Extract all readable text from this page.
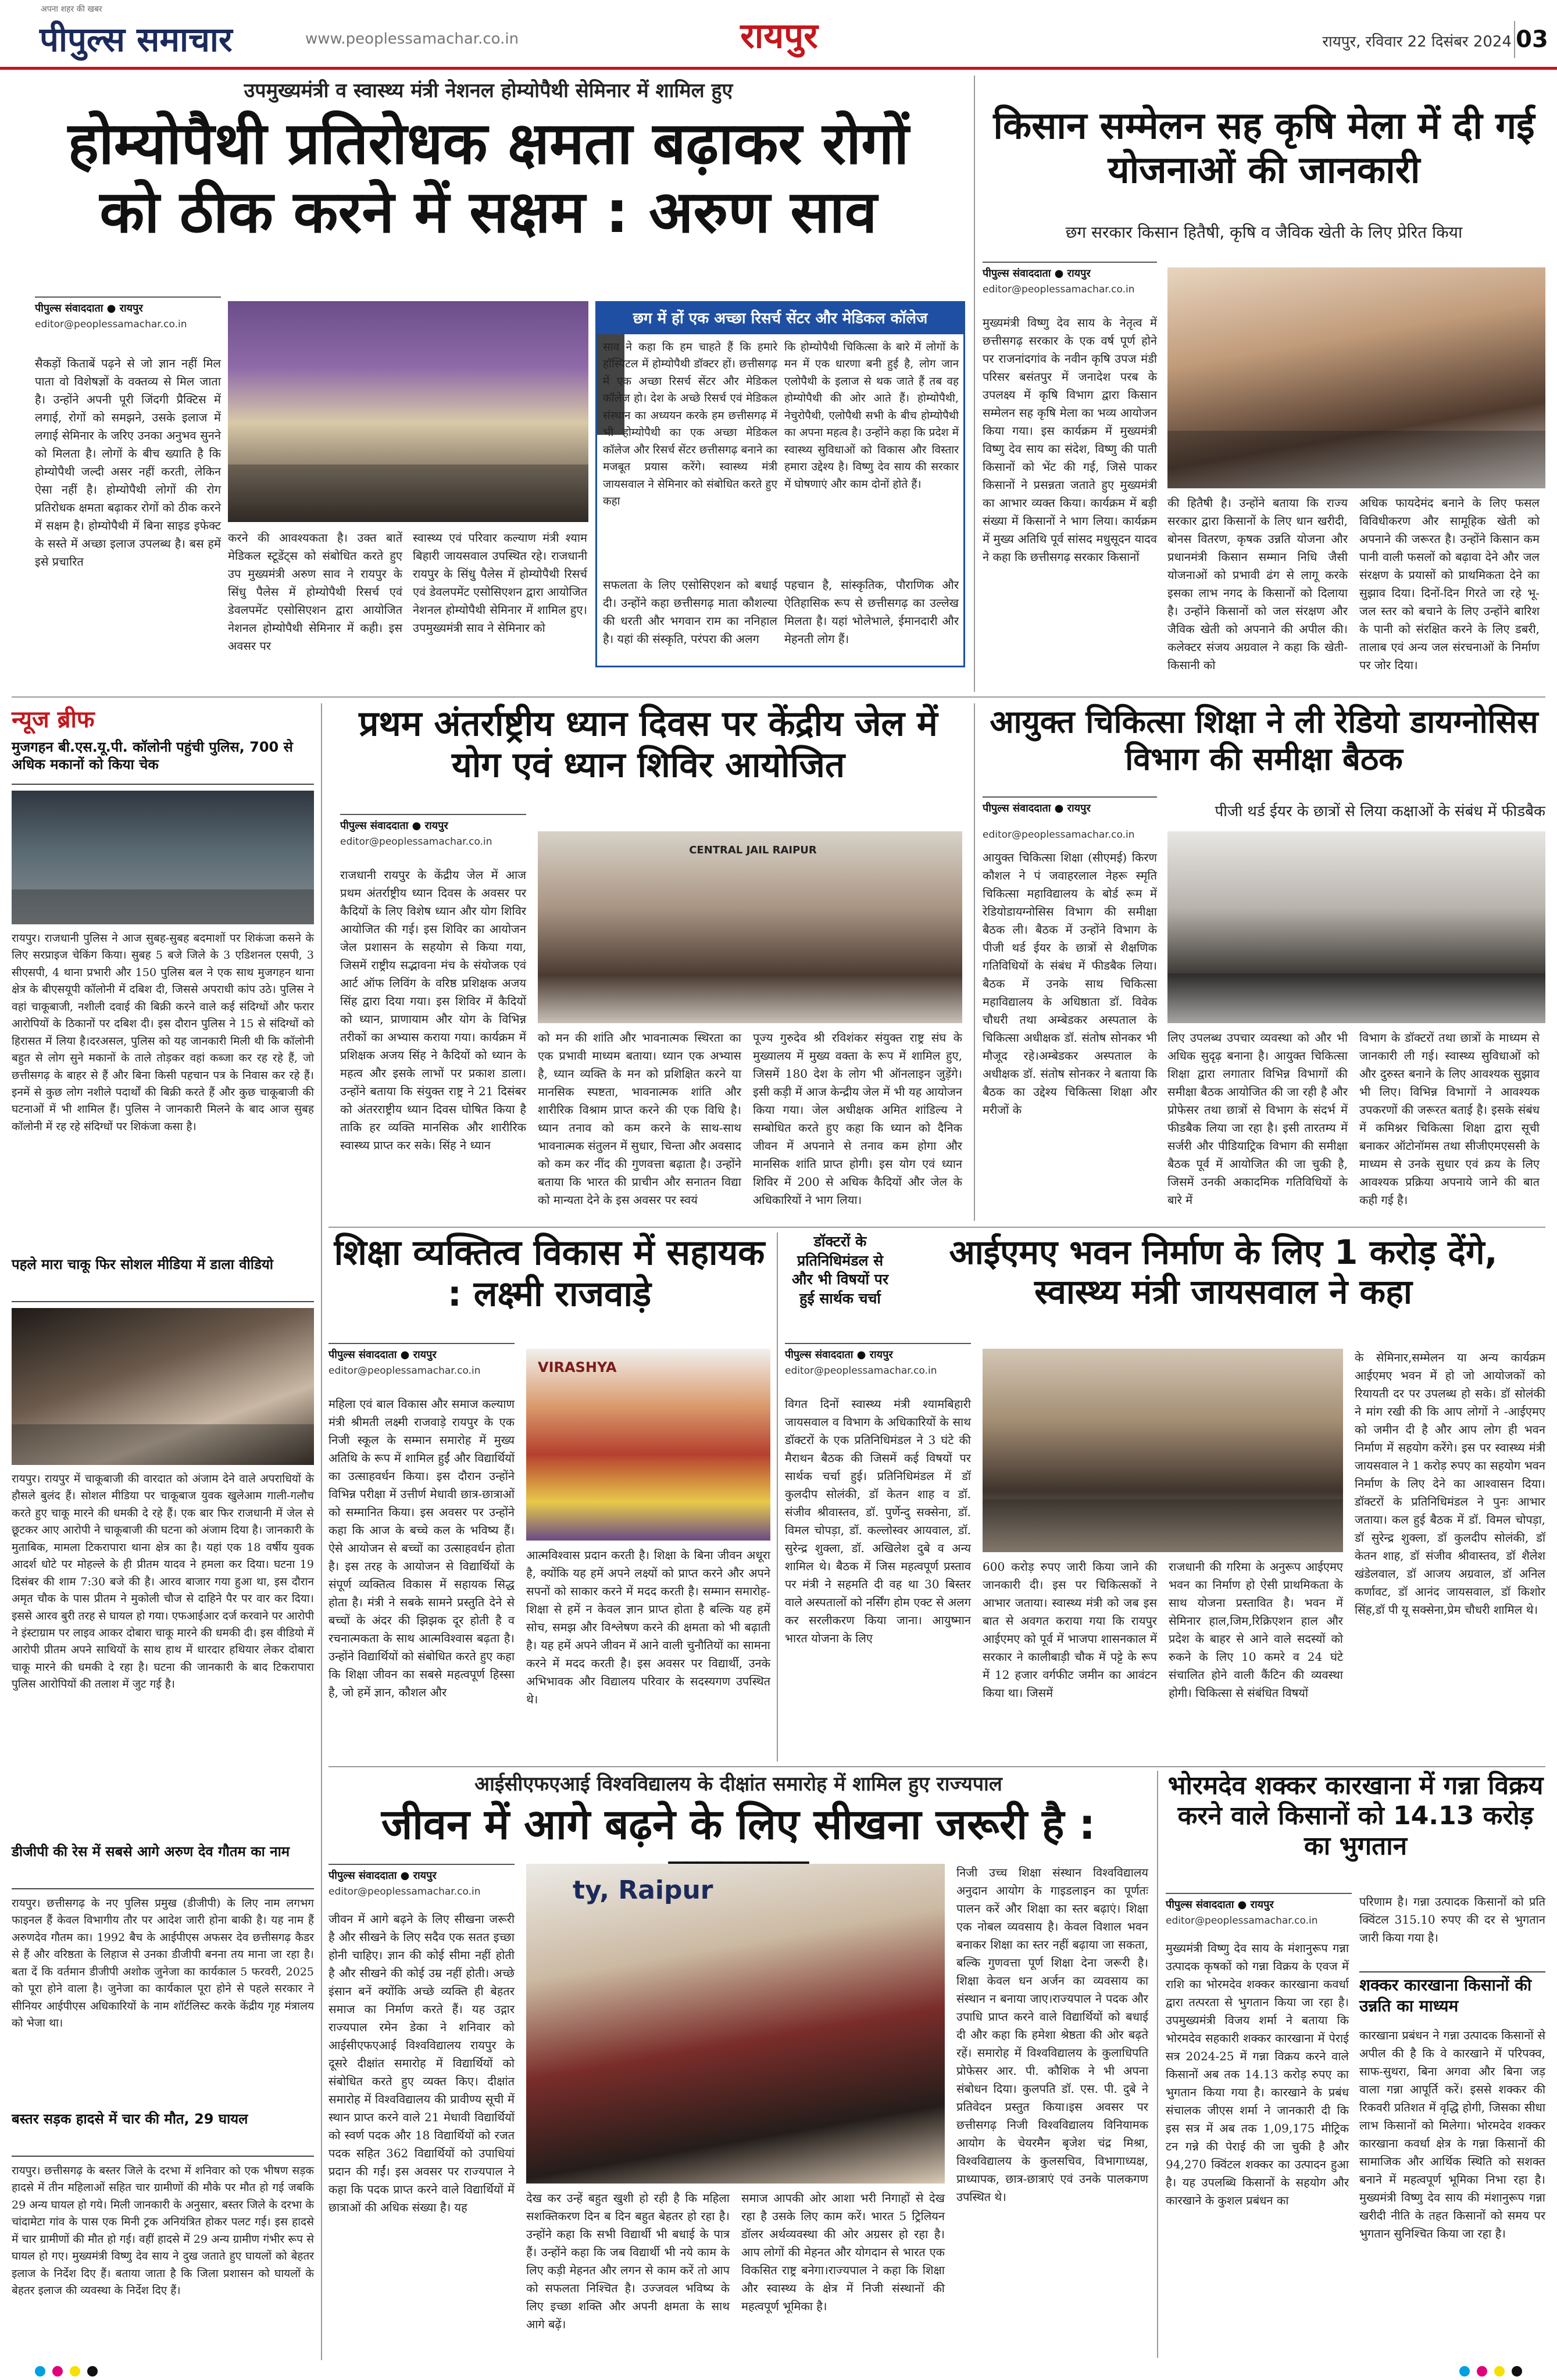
अपना शहर की खबर
पीपुल्स समाचार	www.peoplessamachar.co.in	रायपुर	रायपुर, रविवार 22 दिसंबर 2024 03
उपमुख्यमंत्री व स्वास्थ्य मंत्री नेशनल होम्योपैथी सेमिनार में शामिल हुए
होम्योपैथी प्रतिरोधक क्षमता बढ़ाकर रोगों को ठीक करने में सक्षम : अरुण साव
पीपुल्स संवाददाता ● रायपुर
editor@peoplessamachar.co.in
सैकड़ों किताबें पढ़ने से जो ज्ञान नहीं मिल पाता वो विशेषज्ञों के वक्तव्य से मिल जाता है। उन्होंने अपनी पूरी जिंदगी प्रैक्टिस में लगाई, रोगों को समझने, उसके इलाज में लगाई सेमिनार के जरिए उनका अनुभव सुनने को मिलता है। लोगों के बीच ख्याति है कि होम्योपैथी जल्दी असर नहीं करती, लेकिन ऐसा नहीं है। होम्योपैथी लोगों की रोग प्रतिरोधक क्षमता बढ़ाकर रोगों को ठीक करने में सक्षम है। होम्योपैथी में बिना साइड इफेक्ट के सस्ते में अच्छा इलाज उपलब्ध है। बस हमें इसे प्रचारित
करने की आवश्यकता है। उक्त बातें मेडिकल स्टूडेंट्स को संबोधित करते हुए उप मुख्यमंत्री अरुण साव ने रायपुर के सिंधु पैलेस में होम्योपैथी रिसर्च एवं डेवलपमेंट एसोसिएशन द्वारा आयोजित नेशनल होम्योपैथी सेमिनार में कही। इस अवसर पर
स्वास्थ्य एवं परिवार कल्याण मंत्री श्याम बिहारी जायसवाल उपस्थित रहे। राजधानी रायपुर के सिंधु पैलेस में होम्योपैथी रिसर्च एवं डेवलपमेंट एसोसिएशन द्वारा आयोजित नेशनल होम्योपैथी सेमिनार में शामिल हुए। उपमुख्यमंत्री साव ने सेमिनार को
छग में हों एक अच्छा रिसर्च सेंटर और मेडिकल कॉलेज
साव ने कहा कि हम चाहते हैं कि हमारे हॉस्पिटल में होम्योपैथी डॉक्टर हों। छत्तीसगढ़ में एक अच्छा रिसर्च सेंटर और मेडिकल कॉलेज हो। देश के अच्छे रिसर्च एवं मेडिकल संस्थान का अध्ययन करके हम छत्तीसगढ़ में भी होम्योपैथी का एक अच्छा मेडिकल कॉलेज और रिसर्च सेंटर छत्तीसगढ़ बनाने का मजबूत प्रयास करेंगे। स्वास्थ्य मंत्री जायसवाल ने सेमिनार को संबोधित करते हुए कहा
कि होम्योपैथी चिकित्सा के बारे में लोगों के मन में एक धारणा बनी हुई है, लोग जान एलोपैथी के इलाज से थक जाते हैं तब वह होम्योपैथी की ओर आते हैं। होम्योपैथी, नेचुरोपैथी, एलोपैथी सभी के बीच होम्योपैथी का अपना महत्व है। उन्होंने कहा कि प्रदेश में स्वास्थ्य सुविधाओं को विकास और विस्तार हमारा उद्देश्य है। विष्णु देव साय की सरकार में घोषणाएं और काम दोनों होते हैं।
सफलता के लिए एसोसिएशन को बधाई दी। उन्होंने कहा छत्तीसगढ़ माता कौशल्या की धरती और भगवान राम का ननिहाल है। यहां की संस्कृति, परंपरा की अलग
पहचान है, सांस्कृतिक, पौराणिक और ऐतिहासिक रूप से छत्तीसगढ़ का उल्लेख मिलता है। यहां भोलेभाले, ईमानदारी और मेहनती लोग हैं।
किसान सम्मेलन सह कृषि मेला में दी गई योजनाओं की जानकारी
छग सरकार किसान हितैषी, कृषि व जैविक खेती के लिए प्रेरित किया
पीपुल्स संवाददाता ● रायपुर
editor@peoplessamachar.co.in
मुख्यमंत्री विष्णु देव साय के नेतृत्व में छत्तीसगढ़ सरकार के एक वर्ष पूर्ण होने पर राजनांदगांव के नवीन कृषि उपज मंडी परिसर बसंतपुर में जनादेश परब के उपलक्ष्य में कृषि विभाग द्वारा किसान सम्मेलन सह कृषि मेला का भव्य आयोजन किया गया। इस कार्यक्रम में मुख्यमंत्री विष्णु देव साय का संदेश, विष्णु की पाती किसानों को भेंट की गई, जिसे पाकर किसानों ने प्रसन्नता जताते हुए मुख्यमंत्री का आभार व्यक्त किया। कार्यक्रम में बड़ी संख्या में किसानों ने भाग लिया। कार्यक्रम में मुख्य अतिथि पूर्व सांसद मधुसूदन यादव ने कहा कि छत्तीसगढ़ सरकार किसानों
की हितैषी है। उन्होंने बताया कि राज्य सरकार द्वारा किसानों के लिए धान खरीदी, बोनस वितरण, कृषक उन्नति योजना और प्रधानमंत्री किसान सम्मान निधि जैसी योजनाओं को प्रभावी ढंग से लागू करके इसका लाभ नगद के किसानों को दिलाया है। उन्होंने किसानों को जल संरक्षण और जैविक खेती को अपनाने की अपील की। कलेक्टर संजय अग्रवाल ने कहा कि खेती-किसानी को
अधिक फायदेमंद बनाने के लिए फसल विविधीकरण और सामूहिक खेती को अपनाने की जरूरत है। उन्होंने किसान कम पानी वाली फसलों को बढ़ावा देने और जल संरक्षण के प्रयासों को प्राथमिकता देने का सुझाव दिया। दिनों-दिन गिरते जा रहे भू-जल स्तर को बचाने के लिए उन्होंने बारिश के पानी को संरक्षित करने के लिए डबरी, तालाब एवं अन्य जल संरचनाओं के निर्माण पर जोर दिया।
न्यूज ब्रीफ
मुजगहन बी.एस.यू.पी. कॉलोनी पहुंची पुलिस, 700 से अधिक मकानों को किया चेक
रायपुर। राजधानी पुलिस ने आज सुबह-सुबह बदमाशों पर शिकंजा कसने के लिए सरप्राइज चेकिंग किया। सुबह 5 बजे जिले के 3 एडिशनल एसपी, 3 सीएसपी, 4 थाना प्रभारी और 150 पुलिस बल ने एक साथ मुजगहन थाना क्षेत्र के बीएसयूपी कॉलोनी में दबिश दी, जिससे अपराधी कांप उठे। पुलिस ने वहां चाकूबाजी, नशीली दवाई की बिक्री करने वाले कई संदिग्धों और फरार आरोपियों के ठिकानों पर दबिश दी। इस दौरान पुलिस ने 15 से संदिग्धों को हिरासत में लिया है।दरअसल, पुलिस को यह जानकारी मिली थी कि कॉलोनी बहुत से लोग सुने मकानों के ताले तोड़कर वहां कब्जा कर रह रहे हैं, जो छत्तीसगढ़ के बाहर से हैं और बिना किसी पहचान पत्र के निवास कर रहे हैं। इनमें से कुछ लोग नशीले पदार्थों की बिक्री करते हैं और कुछ चाकूबाजी की घटनाओं में भी शामिल हैं। पुलिस ने जानकारी मिलने के बाद आज सुबह कॉलोनी में रह रहे संदिग्धों पर शिकंजा कसा है।
पहले मारा चाकू फिर सोशल मीडिया में डाला वीडियो
रायपुर। रायपुर में चाकूबाजी की वारदात को अंजाम देने वाले अपराधियों के हौसले बुलंद हैं। सोशल मीडिया पर चाकूबाज युवक खुलेआम गाली-गलौच करते हुए चाकू मारने की धमकी दे रहे हैं। एक बार फिर राजधानी में जेल से छूटकर आए आरोपी ने चाकूबाजी की घटना को अंजाम दिया है। जानकारी के मुताबिक, मामला टिकरापारा थाना क्षेत्र का है। यहां एक 18 वर्षीय युवक आदर्श धोटे पर मोहल्ले के ही प्रीतम यादव ने हमला कर दिया। घटना 19 दिसंबर की शाम 7:30 बजे की है। आरव बाजार गया हुआ था, इस दौरान अमृत चौक के पास प्रीतम ने मुकोली चौज से दाहिने पैर पर वार कर दिया। इससे आरव बुरी तरह से घायल हो गया। एफआईआर दर्ज करवाने पर आरोपी ने इंस्टाग्राम पर लाइव आकर दोबारा चाकू मारने की धमकी दी। इस वीडियो में आरोपी प्रीतम अपने साथियों के साथ हाथ में धारदार हथियार लेकर दोबारा चाकू मारने की धमकी दे रहा है। घटना की जानकारी के बाद टिकरापारा पुलिस आरोपियों की तलाश में जुट गई है।
डीजीपी की रेस में सबसे आगे अरुण देव गौतम का नाम
रायपुर। छत्तीसगढ़ के नए पुलिस प्रमुख (डीजीपी) के लिए नाम लगभग फाइनल हैं केवल विभागीय तौर पर आदेश जारी होना बाकी है। यह नाम हैं अरुणदेव गौतम का। 1992 बैच के आईपीएस अफसर देव छत्तीसगढ़ कैडर से हैं और वरिष्ठता के लिहाज से उनका डीजीपी बनना तय माना जा रहा है। बता दें कि वर्तमान डीजीपी अशोक जुनेजा का कार्यकाल 5 फरवरी, 2025 को पूरा होने वाला है। जुनेजा का कार्यकाल पूरा होने से पहले सरकार ने सीनियर आईपीएस अधिकारियों के नाम शॉर्टलिस्ट करके केंद्रीय गृह मंत्रालय को भेजा था।
बस्तर सड़क हादसे में चार की मौत, 29 घायल
रायपुर। छत्तीसगढ़ के बस्तर जिले के दरभा में शनिवार को एक भीषण सड़क हादसे में तीन महिलाओं सहित चार ग्रामीणों की मौके पर मौत हो गई जबकि 29 अन्य घायल हो गये। मिली जानकारी के अनुसार, बस्तर जिले के दरभा के चांदामेटा गांव के पास एक मिनी ट्रक अनियंत्रित होकर पलट गई। इस हादसे में चार ग्रामीणों की मौत हो गई। वहीं हादसे में 29 अन्य ग्रामीण गंभीर रूप से घायल हो गए। मुख्यमंत्री विष्णु देव साय ने दुख जताते हुए घायलों को बेहतर इलाज के निर्देश दिए हैं। बताया जाता है कि जिला प्रशासन को घायलों के बेहतर इलाज की व्यवस्था के निर्देश दिए हैं।
प्रथम अंतर्राष्ट्रीय ध्यान दिवस पर केंद्रीय जेल में योग एवं ध्यान शिविर आयोजित
पीपुल्स संवाददाता ● रायपुर
editor@peoplessamachar.co.in
राजधानी रायपुर के केंद्रीय जेल में आज प्रथम अंतर्राष्ट्रीय ध्यान दिवस के अवसर पर कैदियों के लिए विशेष ध्यान और योग शिविर आयोजित की गई। इस शिविर का आयोजन जेल प्रशासन के सहयोग से किया गया, जिसमें राष्ट्रीय सद्भावना मंच के संयोजक एवं आर्ट ऑफ लिविंग के वरिष्ठ प्रशिक्षक अजय सिंह द्वारा दिया गया। इस शिविर में कैदियों को ध्यान, प्राणायाम और योग के विभिन्न तरीकों का अभ्यास कराया गया। कार्यक्रम में प्रशिक्षक अजय सिंह ने कैदियों को ध्यान के महत्व और इसके लाभों पर प्रकाश डाला। उन्होंने बताया कि संयुक्त राष्ट्र ने 21 दिसंबर को अंतरराष्ट्रीय ध्यान दिवस घोषित किया है ताकि हर व्यक्ति मानसिक और शारीरिक स्वास्थ्य प्राप्त कर सके। सिंह ने ध्यान
CENTRAL JAIL RAIPUR
को मन की शांति और भावनात्मक स्थिरता का एक प्रभावी माध्यम बताया। ध्यान एक अभ्यास है, ध्यान व्यक्ति के मन को प्रशिक्षित करने या मानसिक स्पष्टता, भावनात्मक शांति और शारीरिक विश्राम प्राप्त करने की एक विधि है। ध्यान तनाव को कम करने के साथ-साथ भावनात्मक संतुलन में सुधार, चिन्ता और अवसाद को कम कर नींद की गुणवत्ता बढ़ाता है। उन्होंने बताया कि भारत की प्राचीन और सनातन विद्या को मान्यता देने के इस अवसर पर स्वयं
पूज्य गुरुदेव श्री रविशंकर संयुक्त राष्ट्र संघ के मुख्यालय में मुख्य वक्ता के रूप में शामिल हुए, जिसमें 180 देश के लोग भी ऑनलाइन जुड़ेंगे। इसी कड़ी में आज केन्द्रीय जेल में भी यह आयोजन किया गया। जेल अधीक्षक अमित शांडिल्य ने सम्बोधित करते हुए कहा कि ध्यान को दैनिक जीवन में अपनाने से तनाव कम होगा और मानसिक शांति प्राप्त होगी। इस योग एवं ध्यान शिविर में 200 से अधिक कैदियों और जेल के अधिकारियों ने भाग लिया।
आयुक्त चिकित्सा शिक्षा ने ली रेडियो डायग्नोसिस विभाग की समीक्षा बैठक
पीपुल्स संवाददाता ● रायपुर	पीजी थर्ड ईयर के छात्रों से लिया कक्षाओं के संबंध में फीडबैक
editor@peoplessamachar.co.in
आयुक्त चिकित्सा शिक्षा (सीएमई) किरण कौशल ने पं जवाहरलाल नेहरू स्मृति चिकित्सा महाविद्यालय के बोर्ड रूम में रेडियोडायग्नोसिस विभाग की समीक्षा बैठक ली। बैठक में उन्होंने विभाग के पीजी थर्ड ईयर के छात्रों से शैक्षणिक गतिविधियों के संबंध में फीडबैक लिया। बैठक में उनके साथ चिकित्सा महाविद्यालय के अधिष्ठाता डॉ. विवेक चौधरी तथा अम्बेडकर अस्पताल के चिकित्सा अधीक्षक डॉ. संतोष सोनकर भी मौजूद रहे।अम्बेडकर अस्पताल के अधीक्षक डॉ. संतोष सोनकर ने बताया कि बैठक का उद्देश्य चिकित्सा शिक्षा और मरीजों के
लिए उपलब्ध उपचार व्यवस्था को और भी अधिक सुदृढ़ बनाना है। आयुक्त चिकित्सा शिक्षा द्वारा लगातार विभिन्न विभागों की समीक्षा बैठक आयोजित की जा रही है और प्रोफेसर तथा छात्रों से विभाग के संदर्भ में फीडबैक लिया जा रहा है। इसी तारतम्य में सर्जरी और पीडियाट्रिक विभाग की समीक्षा बैठक पूर्व में आयोजित की जा चुकी है, जिसमें उनकी अकादमिक गतिविधियों के बारे में
विभाग के डॉक्टरों तथा छात्रों के माध्यम से जानकारी ली गई। स्वास्थ्य सुविधाओं को और दुरुस्त बनाने के लिए आवश्यक सुझाव भी लिए। विभिन्न विभागों ने आवश्यक उपकरणों की जरूरत बताई है। इसके संबंध में कमिश्नर चिकित्सा शिक्षा द्वारा सूची बनाकर ऑटोनॉमस तथा सीजीएमएससी के माध्यम से उनके सुधार एवं क्रय के लिए आवश्यक प्रक्रिया अपनाये जाने की बात कही गई है।
शिक्षा व्यक्तित्व विकास में सहायक : लक्ष्मी राजवाड़े
पीपुल्स संवाददाता ● रायपुर
editor@peoplessamachar.co.in
महिला एवं बाल विकास और समाज कल्याण मंत्री श्रीमती लक्ष्मी राजवाड़े रायपुर के एक निजी स्कूल के सम्मान समारोह में मुख्य अतिथि के रूप में शामिल हुईं और विद्यार्थियों का उत्साहवर्धन किया। इस दौरान उन्होंने विभिन्न परीक्षा में उत्तीर्ण मेधावी छात्र-छात्राओं को सम्मानित किया। इस अवसर पर उन्होंने कहा कि आज के बच्चे कल के भविष्य हैं। ऐसे आयोजन से बच्चों का उत्साहवर्धन होता है। इस तरह के आयोजन से विद्यार्थियों के संपूर्ण व्यक्तित्व विकास में सहायक सिद्ध होता है। मंत्री ने सबके सामने प्रस्तुति देने से बच्चों के अंदर की झिझक दूर होती है व रचनात्मकता के साथ आत्मविश्वास बढ़ता है। उन्होंने विद्यार्थियों को संबोधित करते हुए कहा कि शिक्षा जीवन का सबसे महत्वपूर्ण हिस्सा है, जो हमें ज्ञान, कौशल और
VIRASHYA
आत्मविश्वास प्रदान करती है। शिक्षा के बिना जीवन अधूरा है, क्योंकि यह हमें अपने लक्ष्यों को प्राप्त करने और अपने सपनों को साकार करने में मदद करती है। सम्मान समारोह- शिक्षा से हमें न केवल ज्ञान प्राप्त होता है बल्कि यह हमें सोच, समझ और विश्लेषण करने की क्षमता को भी बढ़ाती है। यह हमें अपने जीवन में आने वाली चुनौतियों का सामना करने में मदद करती है। इस अवसर पर विद्यार्थी, उनके अभिभावक और विद्यालय परिवार के सदस्यगण उपस्थित थे।
डॉक्टरों के प्रतिनिधिमंडल से और भी विषयों पर हुई सार्थक चर्चा
आईएमए भवन निर्माण के लिए 1 करोड़ देंगे, स्वास्थ्य मंत्री जायसवाल ने कहा
पीपुल्स संवाददाता ● रायपुर
editor@peoplessamachar.co.in
विगत दिनों स्वास्थ्य मंत्री श्यामबिहारी जायसवाल व विभाग के अधिकारियों के साथ डॉक्टरों के एक प्रतिनिधिमंडल ने 3 घंटे की मैराथन बैठक की जिसमें कई विषयों पर सार्थक चर्चा हुई। प्रतिनिधिमंडल में डॉ कुलदीप सोलंकी, डॉ केतन शाह व डॉ. संजीव श्रीवास्तव, डॉ. पुर्णेन्दु सक्सेना, डॉ. विमल चोपड़ा, डॉ. कल्लोस्वर आयवाल, डॉ. सुरेन्द्र शुक्ला, डॉ. अखिलेश दुबे व अन्य शामिल थे। बैठक में जिस महत्वपूर्ण प्रस्ताव पर मंत्री ने सहमति दी वह था 30 बिस्तर वाले अस्पतालों को नर्सिंग होम एक्ट से अलग कर सरलीकरण किया जाना। आयुष्मान भारत योजना के लिए
600 करोड़ रुपए जारी किया जाने की जानकारी दी। इस पर चिकित्सकों ने आभार जताया। स्वास्थ्य मंत्री को जब इस बात से अवगत कराया गया कि रायपुर आईएमए को पूर्व में भाजपा शासनकाल में सरकार ने कालीबाड़ी चौक में पट्टे के रूप में 12 हजार वर्गफीट जमीन का आवंटन किया था। जिसमें
राजधानी की गरिमा के अनुरूप आईएमए भवन का निर्माण हो ऐसी प्राथमिकता के साथ योजना प्रस्तावित है। भवन में सेमिनार हाल,जिम,रिक्रिएशन हाल और प्रदेश के बाहर से आने वाले सदस्यों को रुकने के लिए 10 कमरे व 24 घंटे संचालित होने वाली कैंटिन की व्यवस्था होगी। चिकित्सा से संबंधित विषयों
के सेमिनार,सम्मेलन या अन्य कार्यक्रम आईएमए भवन में हो जो आयोजकों को रियायती दर पर उपलब्ध हो सके। डॉ सोलंकी ने मांग रखी की कि आप लोगों ने -आईएमए को जमीन दी है और आप लोग ही भवन निर्माण में सहयोग करेंगे। इस पर स्वास्थ्य मंत्री जायसवाल ने 1 करोड़ रुपए का सहयोग भवन निर्माण के लिए देने का आश्वासन दिया। डॉक्टरों के प्रतिनिधिमंडल ने पुनः आभार जताया। कल हुई बैठक में डॉ. विमल चोपड़ा, डॉ सुरेन्द्र शुक्ला, डॉ कुलदीप सोलंकी, डॉ केतन शाह, डॉ संजीव श्रीवास्तव, डॉ शैलेश खंडेलवाल, डॉ आजय अग्रवाल, डॉ अनिल कर्णावट, डॉ आनंद जायसवाल, डॉ किशोर सिंह,डॉ पी यू सक्सेना,प्रेम चौधरी शामिल थे।
आईसीएफएआई विश्वविद्यालय के दीक्षांत समारोह में शामिल हुए राज्यपाल
जीवन में आगे बढ़ने के लिए सीखना जरूरी है :
पीपुल्स संवाददाता ● रायपुर
editor@peoplessamachar.co.in
जीवन में आगे बढ़ने के लिए सीखना जरूरी है और सीखने के लिए सदैव एक सतत इच्छा होनी चाहिए। ज्ञान की कोई सीमा नहीं होती है और सीखने की कोई उम्र नहीं होती। अच्छे इंसान बनें क्योंकि अच्छे व्यक्ति ही बेहतर समाज का निर्माण करते हैं। यह उद्गार राज्यपाल रमेन डेका ने शनिवार को आईसीएफएआई विश्वविद्यालय रायपुर के दूसरे दीक्षांत समारोह में विद्यार्थियों को संबोधित करते हुए व्यक्त किए। दीक्षांत समारोह में विश्वविद्यालय की प्रावीण्य सूची में स्थान प्राप्त करने वाले 21 मेधावी विद्यार्थियों को स्वर्ण पदक और 18 विद्यार्थियों को रजत पदक सहित 362 विद्यार्थियों को उपाधियां प्रदान की गईं। इस अवसर पर राज्यपाल ने कहा कि पदक प्राप्त करने वाले विद्यार्थियों में छात्राओं की अधिक संख्या है। यह
ty, Raipur
देख कर उन्हें बहुत खुशी हो रही है कि महिला सशक्तिकरण दिन ब दिन बहुत बेहतर हो रहा है। उन्होंने कहा कि सभी विद्यार्थी भी बधाई के पात्र हैं। उन्होंने कहा कि जब विद्यार्थी भी नये काम के लिए कड़ी मेहनत और लगन से काम करें तो आप को सफलता निश्चित है। उज्जवल भविष्य के लिए इच्छा शक्ति और अपनी क्षमता के साथ आगे बढ़ें।
समाज आपकी ओर आशा भरी निगाहों से देख रहा है उसके लिए काम करें। भारत 5 ट्रिलियन डॉलर अर्थव्यवस्था की ओर अग्रसर हो रहा है। आप लोगों की मेहनत और योगदान से भारत एक विकसित राष्ट्र बनेगा।राज्यपाल ने कहा कि शिक्षा और स्वास्थ्य के क्षेत्र में निजी संस्थानों की महत्वपूर्ण भूमिका है।
निजी उच्च शिक्षा संस्थान विश्वविद्यालय अनुदान आयोग के गाइडलाइन का पूर्णतः पालन करें और शिक्षा का स्तर बढ़ाएं। शिक्षा एक नोबल व्यवसाय है। केवल विशाल भवन बनाकर शिक्षा का स्तर नहीं बढ़ाया जा सकता, बल्कि गुणवत्ता पूर्ण शिक्षा देना जरूरी है। शिक्षा केवल धन अर्जन का व्यवसाय का संस्थान न बनाया जाए।राज्यपाल ने पदक और उपाधि प्राप्त करने वाले विद्यार्थियों को बधाई दी और कहा कि हमेशा श्रेष्ठता की ओर बढ़ते रहें। समारोह में विश्वविद्यालय के कुलाधिपति प्रोफेसर आर. पी. कौशिक ने भी अपना संबोधन दिया। कुलपति डॉ. एस. पी. दुबे ने प्रतिवेदन प्रस्तुत किया।इस अवसर पर छत्तीसगढ़ निजी विश्वविद्यालय विनियामक आयोग के चेयरमैन बृजेश चंद्र मिश्रा, विश्वविद्यालय के कुलसचिव, विभागाध्यक्ष, प्राध्यापक, छात्र-छात्राएं एवं उनके पालकगण उपस्थित थे।
भोरमदेव शक्कर कारखाना में गन्ना विक्रय करने वाले किसानों को 14.13 करोड़ का भुगतान
पीपुल्स संवाददाता ● रायपुर
editor@peoplessamachar.co.in
मुख्यमंत्री विष्णु देव साय के मंशानुरूप गन्ना उत्पादक कृषकों को गन्ना विक्रय के एवज में राशि का भोरमदेव शक्कर कारखाना कवर्धा द्वारा तत्परता से भुगतान किया जा रहा है। उपमुख्यमंत्री विजय शर्मा ने बताया कि भोरमदेव सहकारी शक्कर कारखाना में पेराई सत्र 2024-25 में गन्ना विक्रय करने वाले किसानों अब तक 14.13 करोड़ रुपए का भुगतान किया गया है। कारखाने के प्रबंध संचालक जीएस शर्मा ने जानकारी दी कि इस सत्र में अब तक 1,09,175 मीट्रिक टन गन्ने की पेराई की जा चुकी है और 94,270 क्विंटल शक्कर का उत्पादन हुआ है। यह उपलब्धि किसानों के सहयोग और कारखाने के कुशल प्रबंधन का
परिणाम है। गन्ना उत्पादक किसानों को प्रति क्विंटल 315.10 रुपए की दर से भुगतान जारी किया गया है।
शक्कर कारखाना किसानों की उन्नति का माध्यम
कारखाना प्रबंधन ने गन्ना उत्पादक किसानों से अपील की है कि वे कारखाने में परिपक्व, साफ-सुथरा, बिना अगवा और बिना जड़ वाला गन्ना आपूर्ति करें। इससे शक्कर की रिकवरी प्रतिशत में वृद्धि होगी, जिसका सीधा लाभ किसानों को मिलेगा। भोरमदेव शक्कर कारखाना कवर्धा क्षेत्र के गन्ना किसानों की सामाजिक और आर्थिक स्थिति को सशक्त बनाने में महत्वपूर्ण भूमिका निभा रहा है। मुख्यमंत्री विष्णु देव साय की मंशानुरूप गन्ना खरीदी नीति के तहत किसानों को समय पर भुगतान सुनिश्चित किया जा रहा है।
